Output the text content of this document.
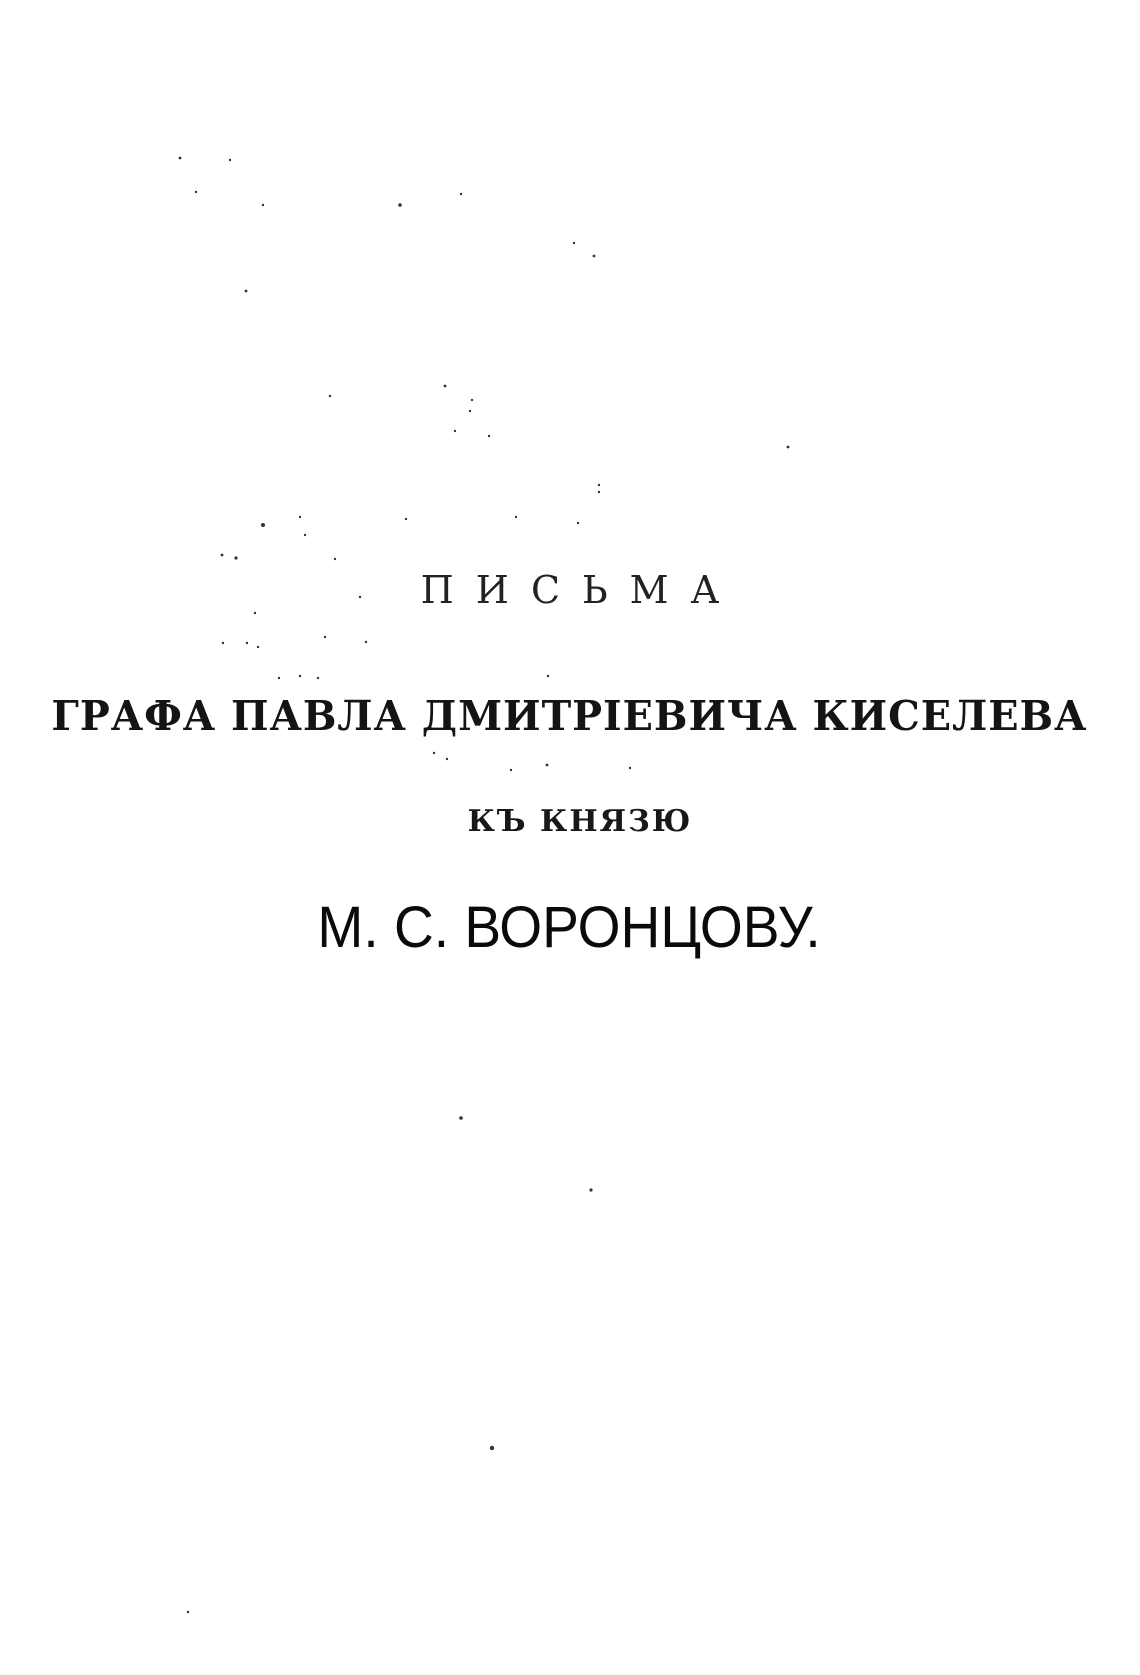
ПИСЬМА
ГРАФА ПАВЛА ДМИТРІЕВИЧА КИСЕЛЕВА
КЪ КНЯЗЮ
М. С. ВОРОНЦОВУ.
